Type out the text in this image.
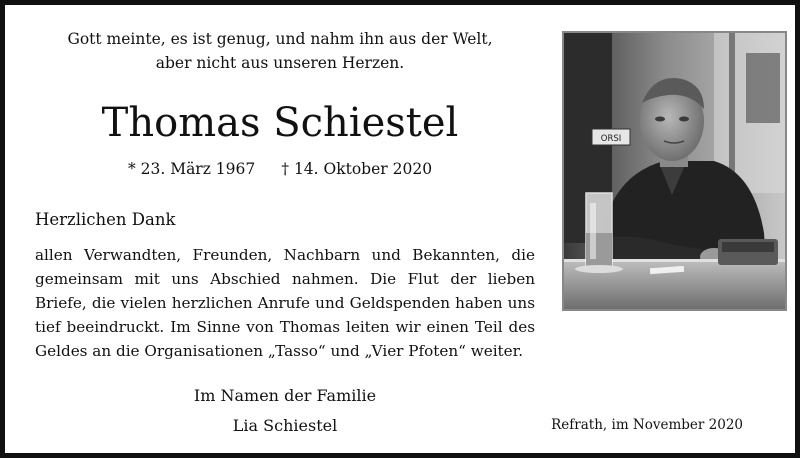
Gott meinte, es ist genug, und nahm ihn aus der Welt,
aber nicht aus unseren Herzen.
Thomas Schiestel
* 23. März 1967 † 14. Oktober 2020
Herzlichen Dank
allen Verwandten, Freunden, Nachbarn und Bekannten, die
gemeinsam mit uns Abschied nahmen. Die Flut der lieben
Briefe, die vielen herzlichen Anrufe und Geldspenden haben uns
tief beeindruckt. Im Sinne von Thomas leiten wir einen Teil des
Geldes an die Organisationen „Tasso“ und „Vier Pfoten“ weiter.
Im Namen der Familie
Lia Schiestel	Refrath, im November 2020
ORSI
